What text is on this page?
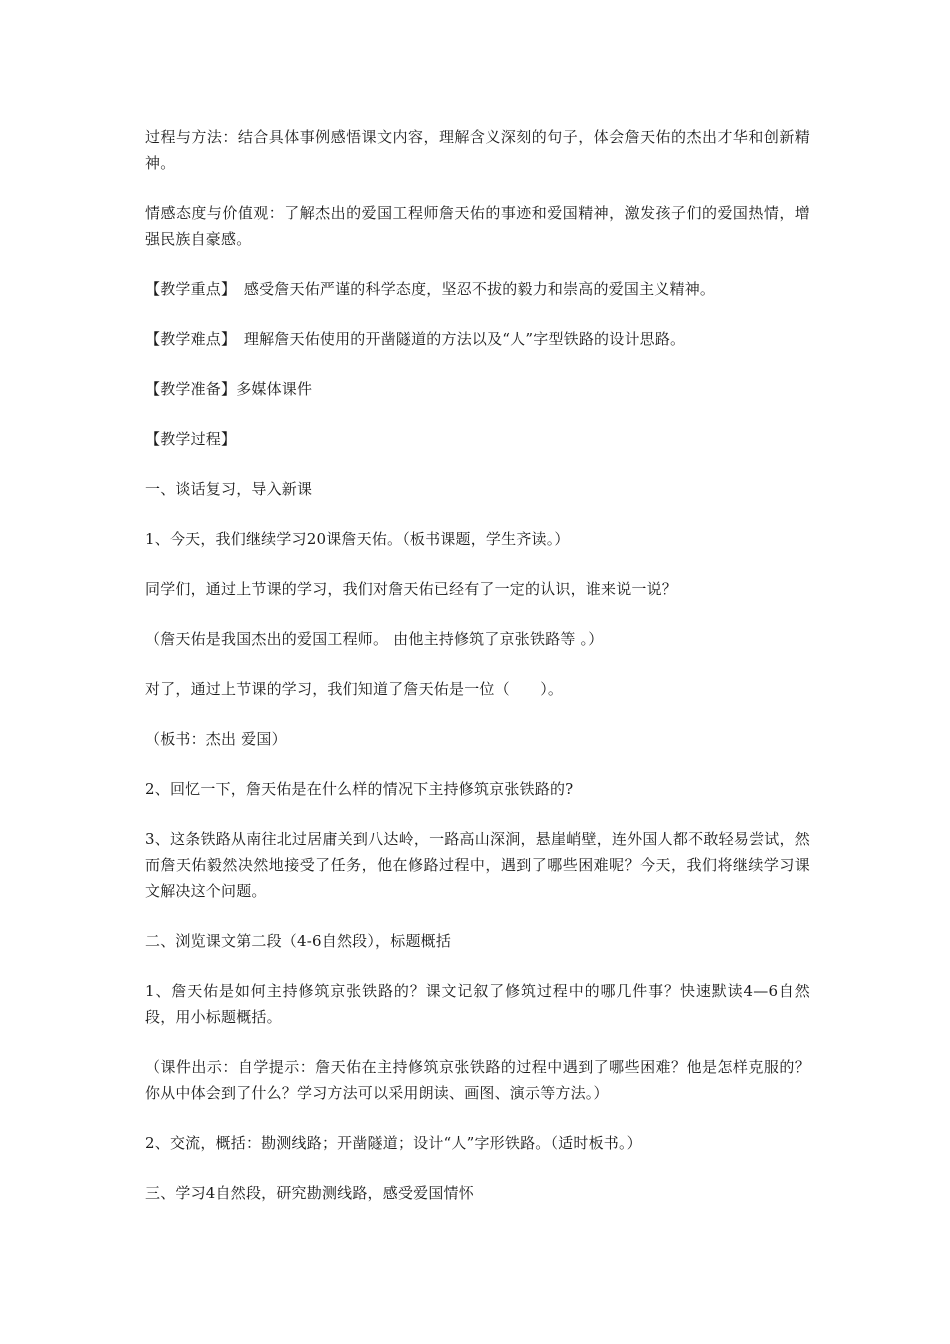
过程与方法：结合具体事例感悟课文内容，理解含义深刻的句子，体会詹天佑的杰出才华和创新精神。

情感态度与价值观：了解杰出的爱国工程师詹天佑的事迹和爱国精神，激发孩子们的爱国热情，增强民族自豪感。

【教学重点】　感受詹天佑严谨的科学态度，坚忍不拔的毅力和崇高的爱国主义精神。

【教学难点】　理解詹天佑使用的开凿隧道的方法以及“人”字型铁路的设计思路。

【教学准备】多媒体课件

【教学过程】

一、谈话复习，导入新课

1、今天，我们继续学习20课詹天佑。（板书课题，学生齐读。）

同学们，通过上节课的学习，我们对詹天佑已经有了一定的认识，谁来说一说？

（詹天佑是我国杰出的爱国工程师。 由他主持修筑了京张铁路等 。）

对了，通过上节课的学习，我们知道了詹天佑是一位（　　）。

（板书：杰出 爱国）

2、回忆一下，詹天佑是在什么样的情况下主持修筑京张铁路的?

3、这条铁路从南往北过居庸关到八达岭，一路高山深涧，悬崖峭壁，连外国人都不敢轻易尝试，然而詹天佑毅然决然地接受了任务，他在修路过程中，遇到了哪些困难呢？今天，我们将继续学习课文解决这个问题。

二、浏览课文第二段（4-6自然段），标题概括

1、詹天佑是如何主持修筑京张铁路的？课文记叙了修筑过程中的哪几件事？快速默读4—6自然段，用小标题概括。

（课件出示：自学提示：詹天佑在主持修筑京张铁路的过程中遇到了哪些困难？他是怎样克服的？你从中体会到了什么？学习方法可以采用朗读、画图、演示等方法。）

2、交流，概括：勘测线路；开凿隧道；设计“人”字形铁路。（适时板书。）

三、学习4自然段，研究勘测线路，感受爱国情怀
